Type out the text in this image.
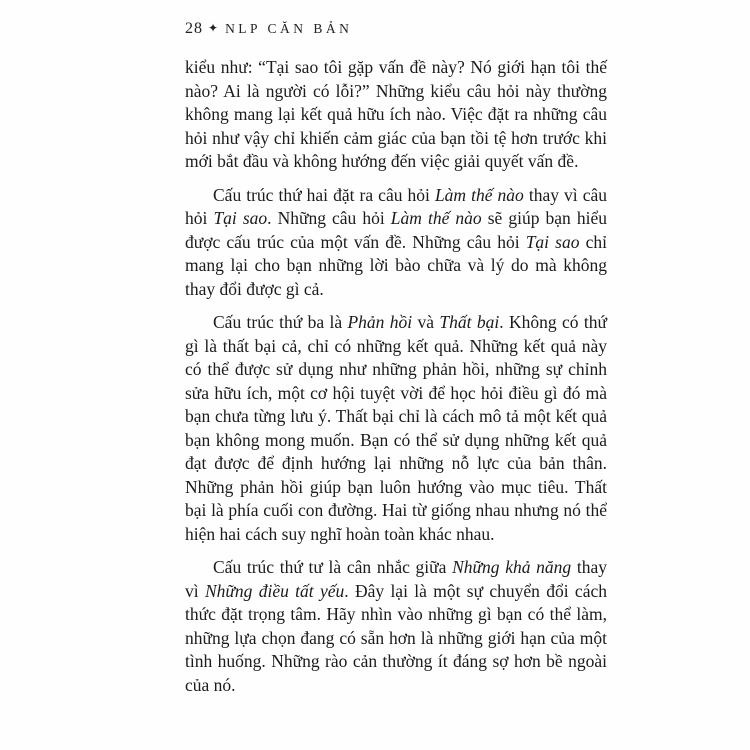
28 ✦ NLP CĂN BẢN

kiểu như: “Tại sao tôi gặp vấn đề này? Nó giới hạn tôi thế nào? Ai là người có lỗi?” Những kiểu câu hỏi này thường không mang lại kết quả hữu ích nào. Việc đặt ra những câu hỏi như vậy chỉ khiến cảm giác của bạn tồi tệ hơn trước khi mới bắt đầu và không hướng đến việc giải quyết vấn đề.

Cấu trúc thứ hai đặt ra câu hỏi Làm thế nào thay vì câu hỏi Tại sao. Những câu hỏi Làm thế nào sẽ giúp bạn hiểu được cấu trúc của một vấn đề. Những câu hỏi Tại sao chỉ mang lại cho bạn những lời bào chữa và lý do mà không thay đổi được gì cả.

Cấu trúc thứ ba là Phản hồi và Thất bại. Không có thứ gì là thất bại cả, chỉ có những kết quả. Những kết quả này có thể được sử dụng như những phản hồi, những sự chỉnh sửa hữu ích, một cơ hội tuyệt vời để học hỏi điều gì đó mà bạn chưa từng lưu ý. Thất bại chỉ là cách mô tả một kết quả bạn không mong muốn. Bạn có thể sử dụng những kết quả đạt được để định hướng lại những nỗ lực của bản thân. Những phản hồi giúp bạn luôn hướng vào mục tiêu. Thất bại là phía cuối con đường. Hai từ giống nhau nhưng nó thể hiện hai cách suy nghĩ hoàn toàn khác nhau.

Cấu trúc thứ tư là cân nhắc giữa Những khả năng thay vì Những điều tất yếu. Đây lại là một sự chuyển đổi cách thức đặt trọng tâm. Hãy nhìn vào những gì bạn có thể làm, những lựa chọn đang có sẵn hơn là những giới hạn của một tình huống. Những rào cản thường ít đáng sợ hơn bề ngoài của nó.
